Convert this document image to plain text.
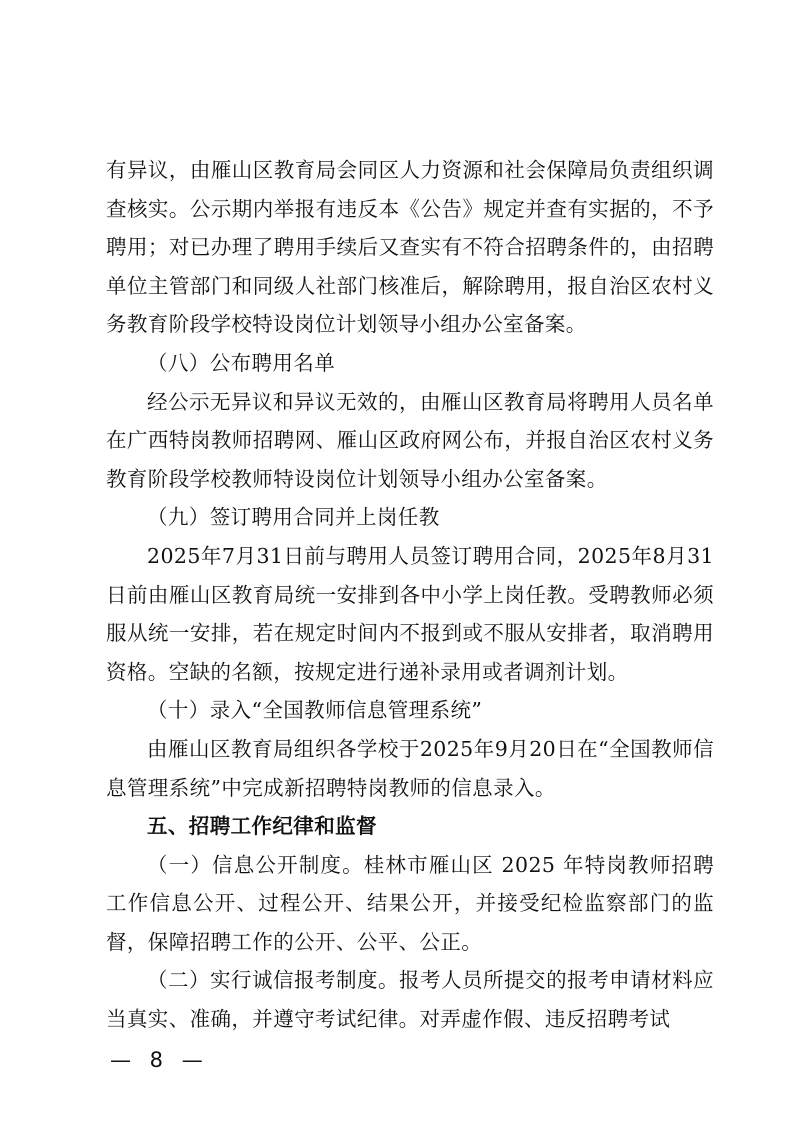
有异议，由雁山区教育局会同区人力资源和社会保障局负责组织调查核实。公示期内举报有违反本《公告》规定并查有实据的，不予聘用；对已办理了聘用手续后又查实有不符合招聘条件的，由招聘单位主管部门和同级人社部门核准后，解除聘用，报自治区农村义务教育阶段学校特设岗位计划领导小组办公室备案。

（八）公布聘用名单

经公示无异议和异议无效的，由雁山区教育局将聘用人员名单在广西特岗教师招聘网、雁山区政府网公布，并报自治区农村义务教育阶段学校教师特设岗位计划领导小组办公室备案。

（九）签订聘用合同并上岗任教

2025年7月31日前与聘用人员签订聘用合同，2025年8月31日前由雁山区教育局统一安排到各中小学上岗任教。受聘教师必须服从统一安排，若在规定时间内不报到或不服从安排者，取消聘用资格。空缺的名额，按规定进行递补录用或者调剂计划。

（十）录入“全国教师信息管理系统”

由雁山区教育局组织各学校于2025年9月20日在“全国教师信息管理系统”中完成新招聘特岗教师的信息录入。

五、招聘工作纪律和监督

（一）信息公开制度。桂林市雁山区 2025 年特岗教师招聘工作信息公开、过程公开、结果公开，并接受纪检监察部门的监督，保障招聘工作的公开、公平、公正。

（二）实行诚信报考制度。报考人员所提交的报考申请材料应当真实、准确，并遵守考试纪律。对弄虚作假、违反招聘考试

— 8 —
